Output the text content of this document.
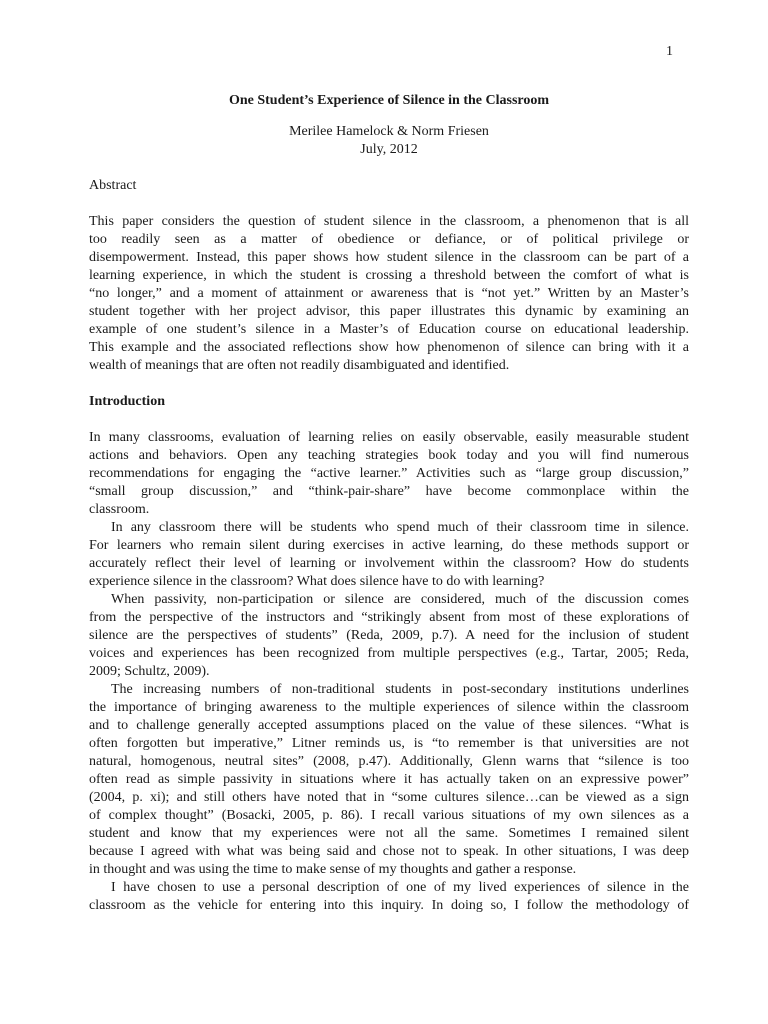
1

One Student’s Experience of Silence in the Classroom

Merilee Hamelock & Norm Friesen

July, 2012

Abstract

This paper considers the question of student silence in the classroom, a phenomenon that is all
too readily seen as a matter of obedience or defiance, or of political privilege or
disempowerment. Instead, this paper shows how student silence in the classroom can be part of a
learning experience, in which the student is crossing a threshold between the comfort of what is
“no longer,” and a moment of attainment or awareness that is “not yet.” Written by an Master’s
student together with her project advisor, this paper illustrates this dynamic by examining an
example of one student’s silence in a Master’s of Education course on educational leadership.
This example and the associated reflections show how phenomenon of silence can bring with it a
wealth of meanings that are often not readily disambiguated and identified.

Introduction

In many classrooms, evaluation of learning relies on easily observable, easily measurable student
actions and behaviors. Open any teaching strategies book today and you will find numerous
recommendations for engaging the “active learner.” Activities such as “large group discussion,”
“small group discussion,” and “think-pair-share” have become commonplace within the
classroom.
In any classroom there will be students who spend much of their classroom time in silence.
For learners who remain silent during exercises in active learning, do these methods support or
accurately reflect their level of learning or involvement within the classroom? How do students
experience silence in the classroom? What does silence have to do with learning?
When passivity, non-participation or silence are considered, much of the discussion comes
from the perspective of the instructors and “strikingly absent from most of these explorations of
silence are the perspectives of students” (Reda, 2009, p.7). A need for the inclusion of student
voices and experiences has been recognized from multiple perspectives (e.g., Tartar, 2005; Reda,
2009; Schultz, 2009).
The increasing numbers of non-traditional students in post-secondary institutions underlines
the importance of bringing awareness to the multiple experiences of silence within the classroom
and to challenge generally accepted assumptions placed on the value of these silences. “What is
often forgotten but imperative,” Litner reminds us, is “to remember is that universities are not
natural, homogenous, neutral sites” (2008, p.47). Additionally, Glenn warns that “silence is too
often read as simple passivity in situations where it has actually taken on an expressive power”
(2004, p. xi); and still others have noted that in “some cultures silence…can be viewed as a sign
of complex thought” (Bosacki, 2005, p. 86). I recall various situations of my own silences as a
student and know that my experiences were not all the same. Sometimes I remained silent
because I agreed with what was being said and chose not to speak. In other situations, I was deep
in thought and was using the time to make sense of my thoughts and gather a response.
I have chosen to use a personal description of one of my lived experiences of silence in the
classroom as the vehicle for entering into this inquiry. In doing so, I follow the methodology of
